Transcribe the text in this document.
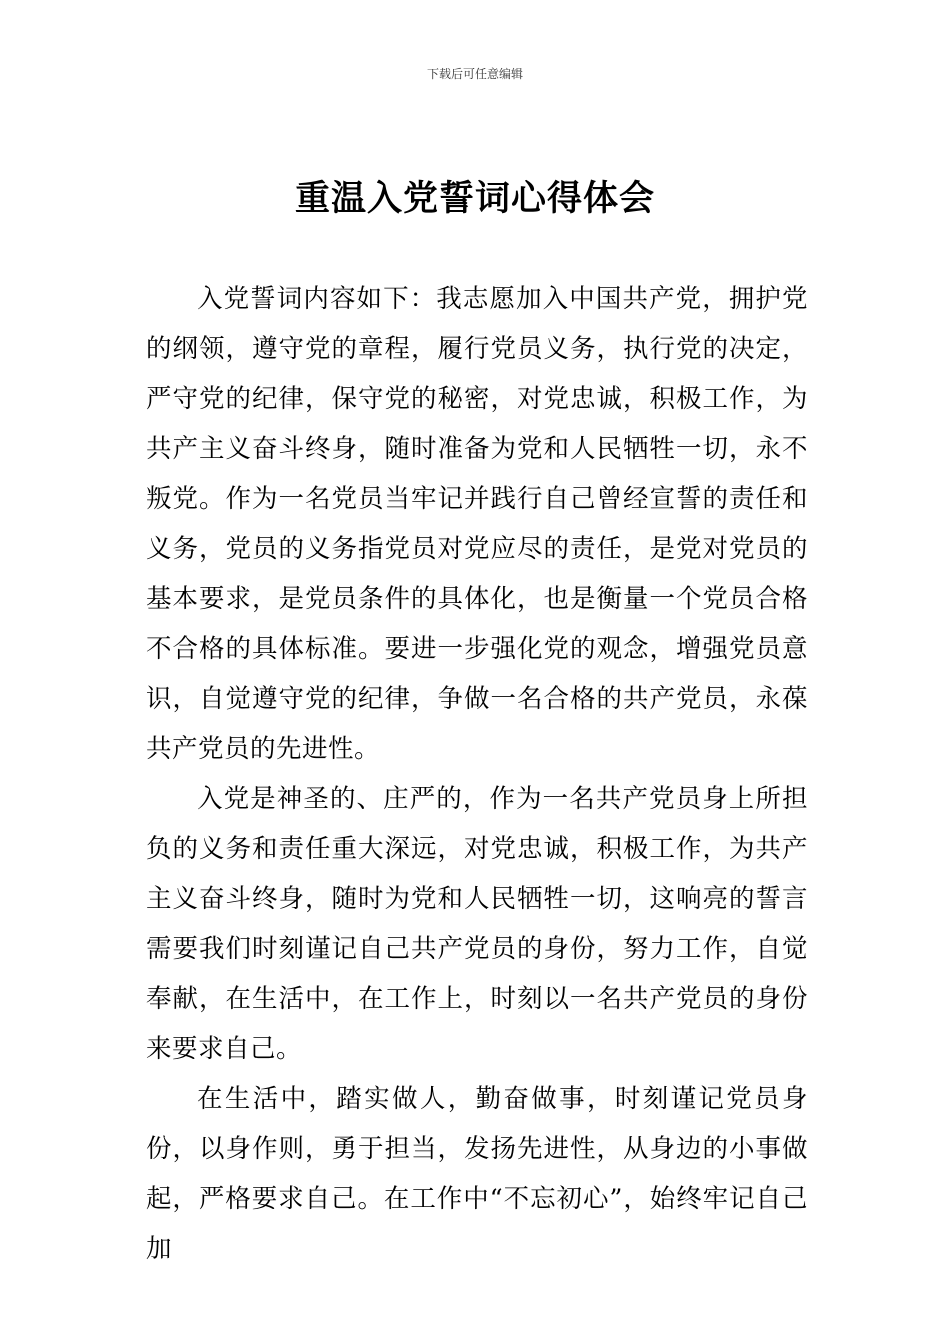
下载后可任意编辑
重温入党誓词心得体会

入党誓词内容如下：我志愿加入中国共产党，拥护党的纲领，遵守党的章程，履行党员义务，执行党的决定，严守党的纪律，保守党的秘密，对党忠诚，积极工作，为共产主义奋斗终身，随时准备为党和人民牺牲一切，永不叛党。作为一名党员当牢记并践行自己曾经宣誓的责任和义务，党员的义务指党员对党应尽的责任，是党对党员的基本要求，是党员条件的具体化，也是衡量一个党员合格不合格的具体标准。要进一步强化党的观念，增强党员意识，自觉遵守党的纪律，争做一名合格的共产党员，永葆共产党员的先进性。

入党是神圣的、庄严的，作为一名共产党员身上所担负的义务和责任重大深远，对党忠诚，积极工作，为共产主义奋斗终身，随时为党和人民牺牲一切，这响亮的誓言需要我们时刻谨记自己共产党员的身份，努力工作，自觉奉献，在生活中，在工作上，时刻以一名共产党员的身份来要求自己。

在生活中，踏实做人，勤奋做事，时刻谨记党员身份，以身作则，勇于担当，发扬先进性，从身边的小事做起，严格要求自己。在工作中“不忘初心”，始终牢记自己加
